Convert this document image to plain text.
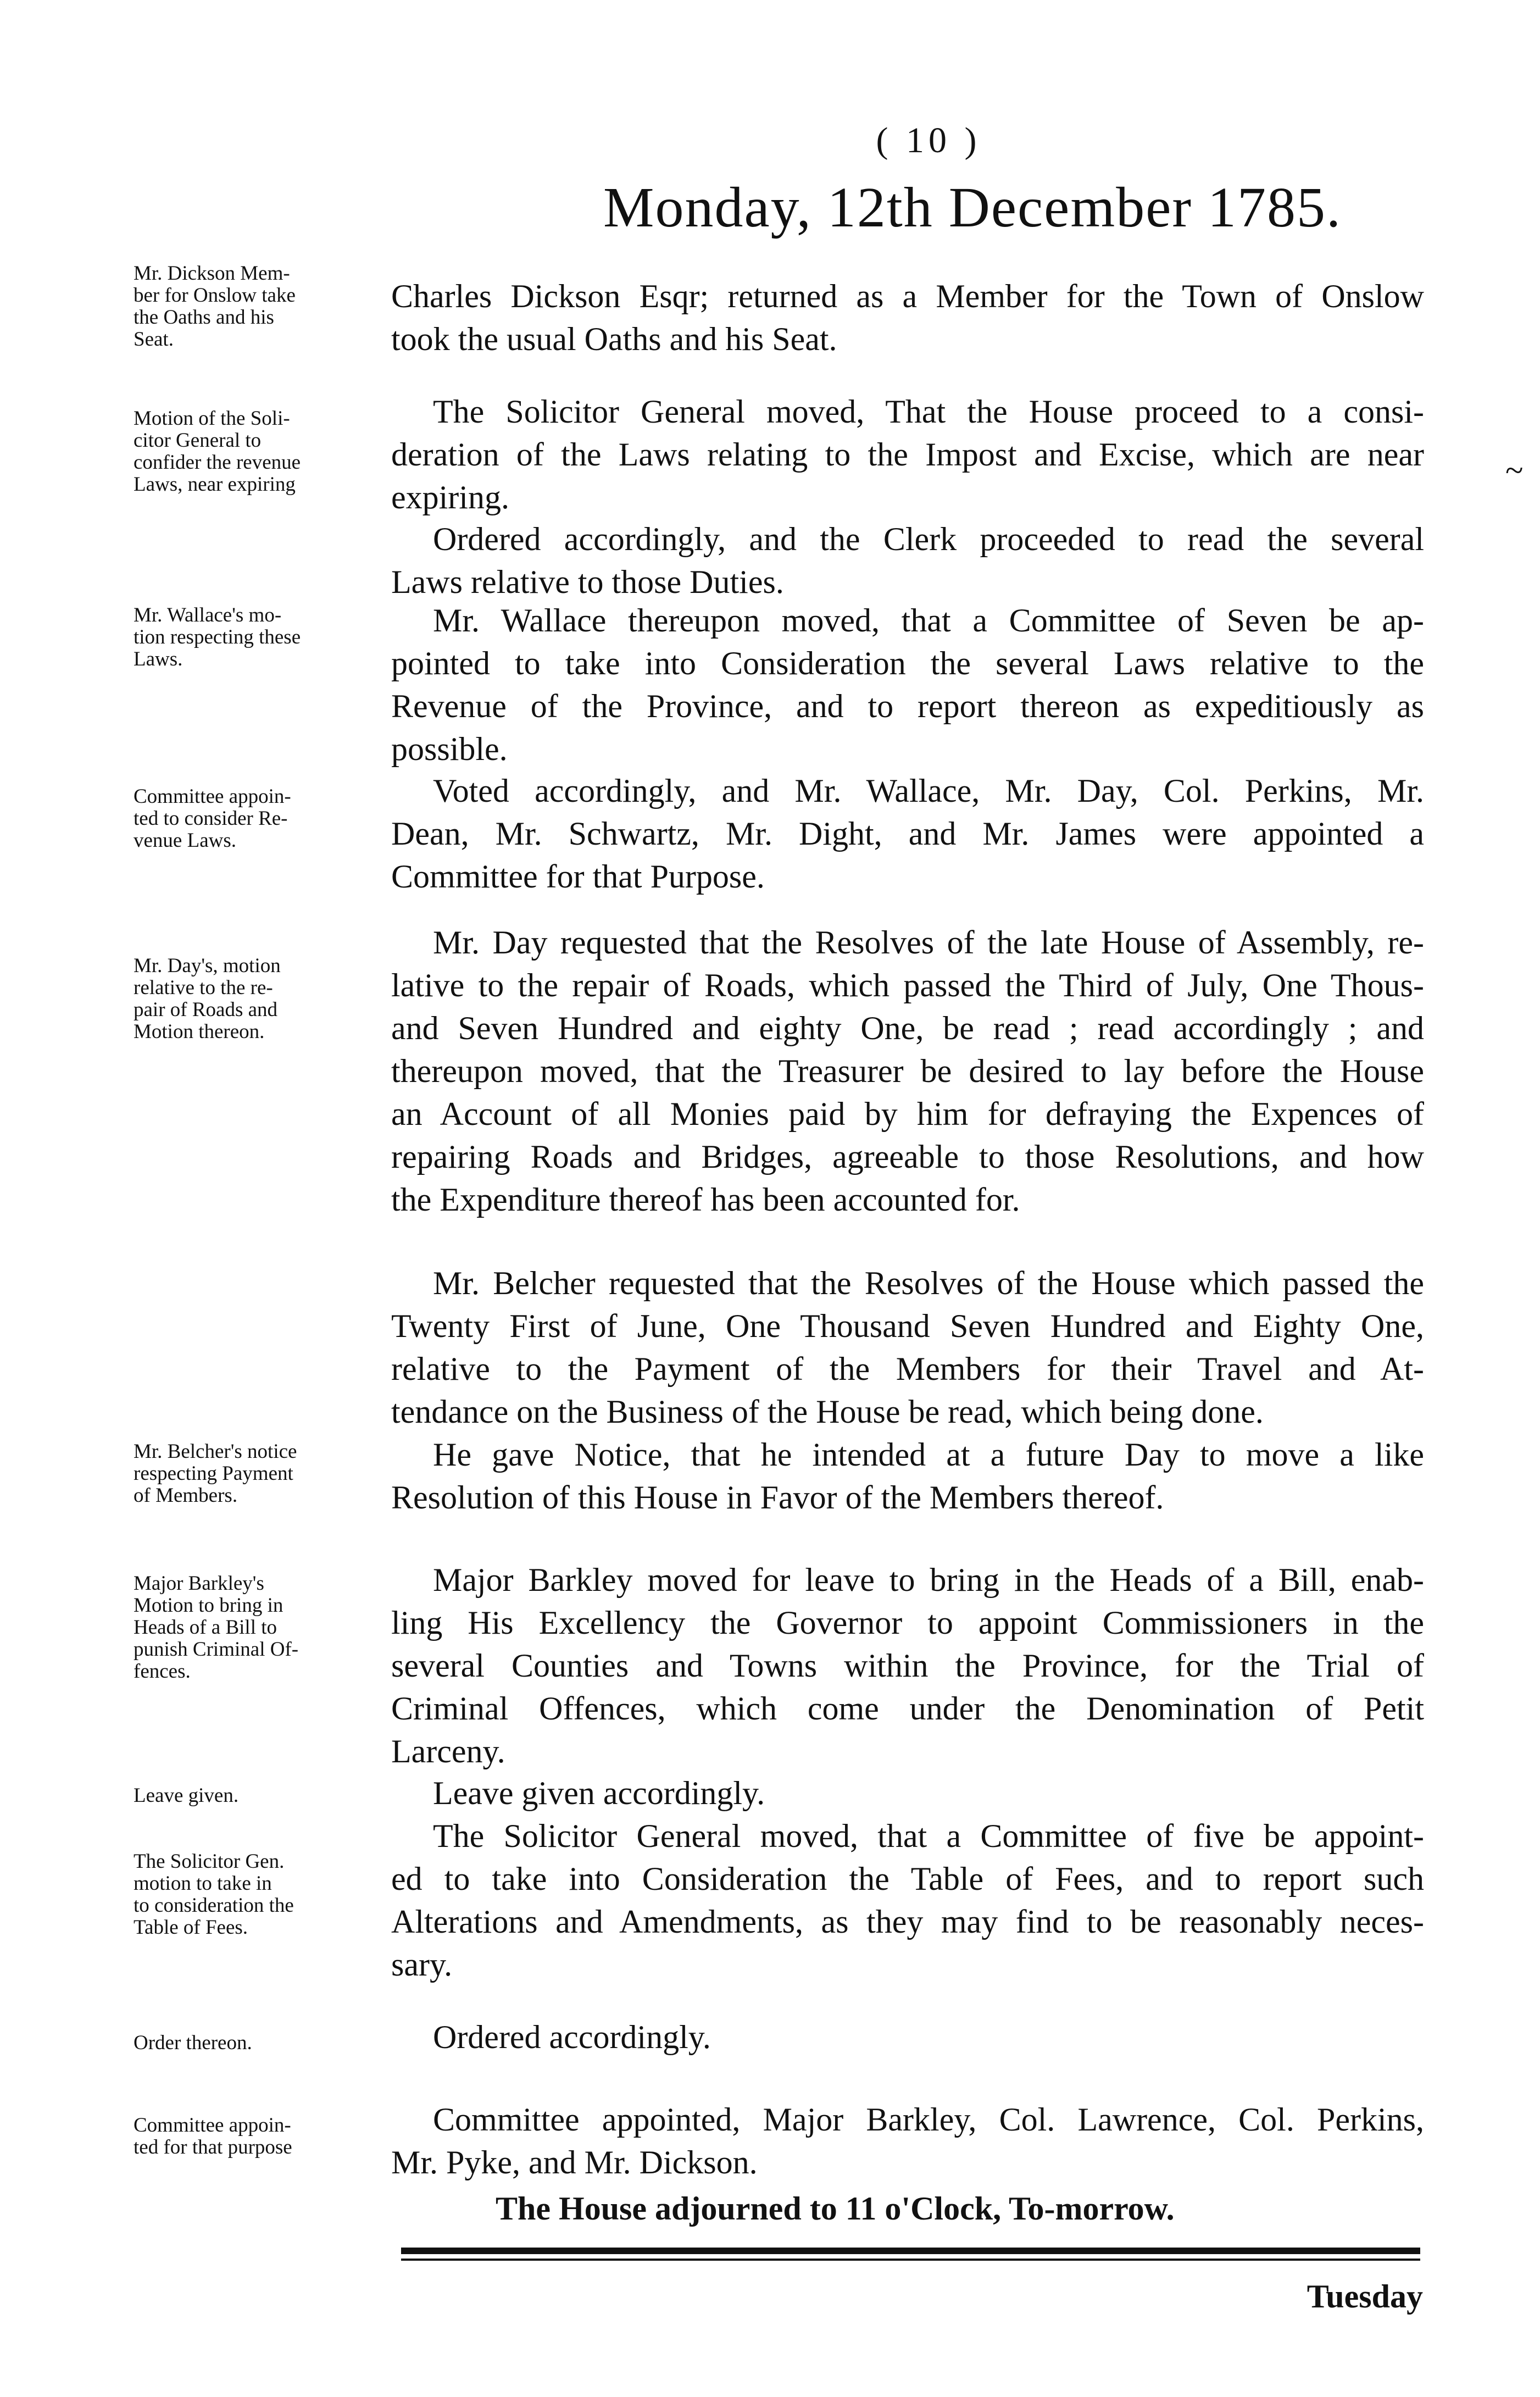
( 10 )
Monday, 12th December 1785.
~
Mr. Dickson Mem-
ber for Onslow take
the Oaths and his
Seat.
Motion of the Soli-
citor General to
confider the revenue
Laws, near expiring
Mr. Wallace's mo-
tion respecting these
Laws.
Committee appoin-
ted to consider Re-
venue Laws.
Mr. Day's, motion
relative to the re-
pair of Roads and
Motion thereon.
Mr. Belcher's notice
respecting Payment
of Members.
Major Barkley's
Motion to bring in
Heads of a Bill to
punish Criminal Of-
fences.
Leave given.
The Solicitor Gen.
motion to take in
to consideration the
Table of Fees.
Order thereon.
Committee appoin-
ted for that purpose
Charles Dickson Esqr; returned as a Member for the Town of Onslow
took the usual Oaths and his Seat.
The Solicitor General moved, That the House proceed to a consi-
deration of the Laws relating to the Impost and Excise, which are near
expiring.
Ordered accordingly, and the Clerk proceeded to read the several
Laws relative to those Duties.
Mr. Wallace thereupon moved, that a Committee of Seven be ap-
pointed to take into Consideration the several Laws relative to the
Revenue of the Province, and to report thereon as expeditiously as
possible.
Voted accordingly, and Mr. Wallace, Mr. Day, Col. Perkins, Mr.
Dean, Mr. Schwartz, Mr. Dight, and Mr. James were appointed a
Committee for that Purpose.
Mr. Day requested that the Resolves of the late House of Assembly, re-
lative to the repair of Roads, which passed the Third of July, One Thous-
and Seven Hundred and eighty One, be read ; read accordingly ; and
thereupon moved, that the Treasurer be desired to lay before the House
an Account of all Monies paid by him for defraying the Expences of
repairing Roads and Bridges, agreeable to those Resolutions, and how
the Expenditure thereof has been accounted for.
Mr. Belcher requested that the Resolves of the House which passed the
Twenty First of June, One Thousand Seven Hundred and Eighty One,
relative to the Payment of the Members for their Travel and At-
tendance on the Business of the House be read, which being done.
He gave Notice, that he intended at a future Day to move a like
Resolution of this House in Favor of the Members thereof.
Major Barkley moved for leave to bring in the Heads of a Bill, enab-
ling His Excellency the Governor to appoint Commissioners in the
several Counties and Towns within the Province, for the Trial of
Criminal Offences, which come under the Denomination of Petit
Larceny.
Leave given accordingly.
The Solicitor General moved, that a Committee of five be appoint-
ed to take into Consideration the Table of Fees, and to report such
Alterations and Amendments, as they may find to be reasonably neces-
sary.
Ordered accordingly.
Committee appointed, Major Barkley, Col. Lawrence, Col. Perkins,
Mr. Pyke, and Mr. Dickson.
The House adjourned to 11 o'Clock, To-morrow.
Tuesday
